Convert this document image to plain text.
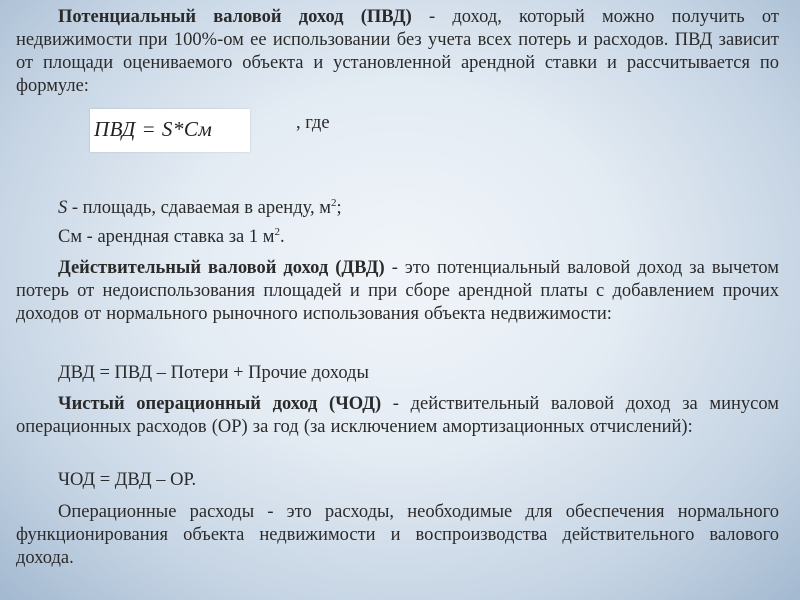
Потенциальный валовой доход (ПВД) - доход, который можно получить от недвижимости при 100%-ом ее использовании без учета всех потерь и расходов. ПВД зависит от площади оцениваемого объекта и установленной арендной ставки и рассчитывается по формуле:
ПВД = S*См	, где
S - площадь, сдаваемая в аренду, $м^2$;
См - арендная ставка за 1 $м^2$.
Действительный валовой доход (ДВД) - это потенциальный валовой доход за вычетом потерь от недоиспользования площадей и при сборе арендной платы с добавлением прочих доходов от нормального рыночного использования объекта недвижимости:
ДВД = ПВД – Потери + Прочие доходы
Чистый операционный доход (ЧОД) - действительный валовой доход за минусом операционных расходов (ОР) за год (за исключением амортизационных отчислений):
ЧОД = ДВД – ОР.
Операционные расходы - это расходы, необходимые для обеспечения нормального функционирования объекта недвижимости и воспроизводства действительного валового дохода.
